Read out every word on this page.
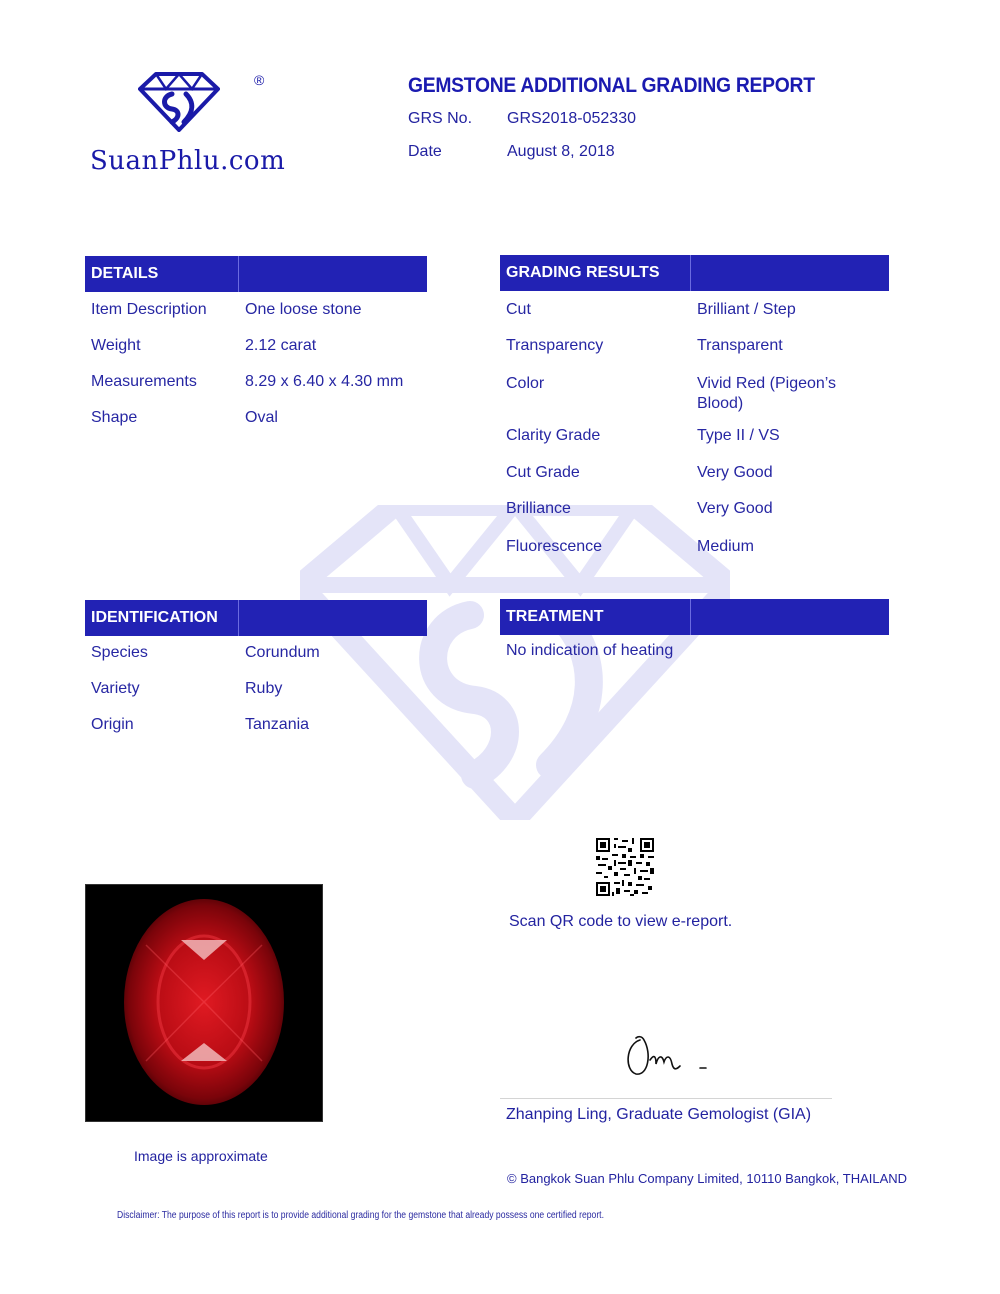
®
SuanPhlu.com
GEMSTONE ADDITIONAL GRADING REPORT
GRS No. GRS2018-052330
Date	August 8, 2018
DETAILS
Item Description One loose stone
Weight	2.12 carat
Measurements	8.29 x 6.40 x 4.30 mm
Shape	Oval
GRADING RESULTS
Cut	Brilliant / Step
Transparency	Transparent
Color	Vivid Red (Pigeon’s Blood)
Clarity Grade	Type II / VS
Cut Grade	Very Good
Brilliance	Very Good
Fluorescence	Medium
IDENTIFICATION
Species	Corundum
Variety	Ruby
Origin	Tanzania
TREATMENT
No indication of heating
Scan QR code to view e-report.
Zhanping Ling, Graduate Gemologist (GIA)
Image is approximate
© Bangkok Suan Phlu Company Limited, 10110 Bangkok, THAILAND
Disclaimer: The purpose of this report is to provide additional grading for the gemstone that already possess one certified report.
